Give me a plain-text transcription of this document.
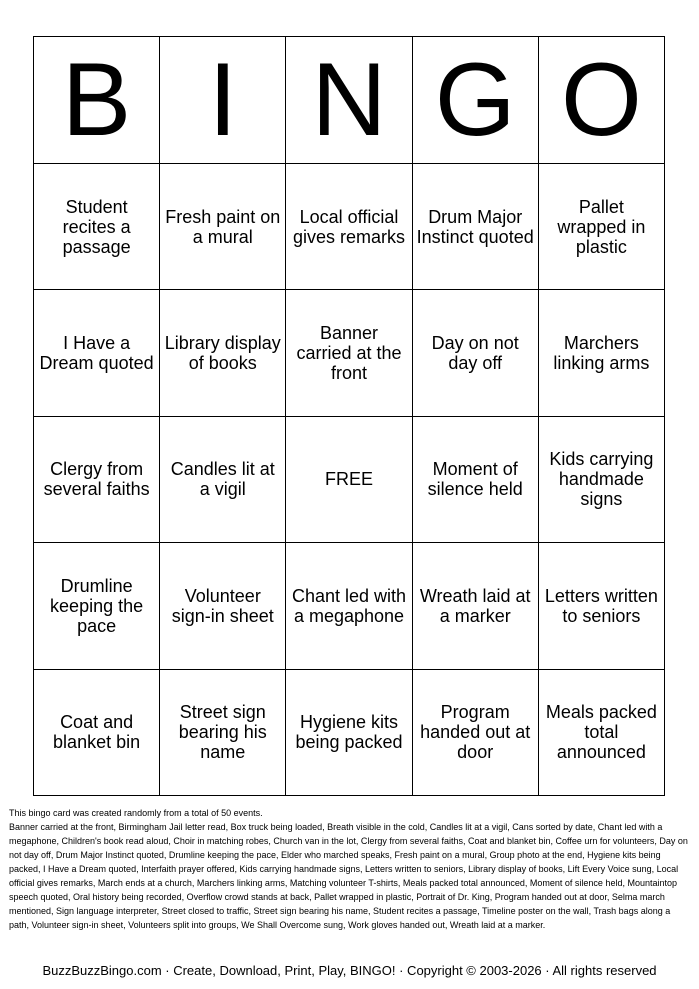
B I N G O
Student recites a passage
Fresh paint on a mural
Local official gives remarks
Drum Major Instinct quoted
Pallet wrapped in plastic
I Have a Dream quoted
Library display of books
Banner carried at the front
Day on not day off
Marchers linking arms
Clergy from several faiths
Candles lit at a vigil	FREE	Moment of silence held
Kids carrying handmade signs
Drumline keeping the pace
Volunteer sign-in sheet
Chant led with a megaphone
Wreath laid at a marker
Letters written to seniors
Coat and blanket bin
Street sign bearing his name
Hygiene kits being packed
Program handed out at door
Meals packed total announced

This bingo card was created randomly from a total of 50 events.

Banner carried at the front, Birmingham Jail letter read, Box truck being loaded, Breath visible in the cold, Candles lit at a vigil, Cans sorted by date, Chant led with a megaphone, Children's book read aloud, Choir in matching robes, Church van in the lot, Clergy from several faiths, Coat and blanket bin, Coffee urn for volunteers, Day on not day off, Drum Major Instinct quoted, Drumline keeping the pace, Elder who marched speaks, Fresh paint on a mural, Group photo at the end, Hygiene kits being packed, I Have a Dream quoted, Interfaith prayer offered, Kids carrying handmade signs, Letters written to seniors, Library display of books, Lift Every Voice sung, Local official gives remarks, March ends at a church, Marchers linking arms, Matching volunteer T-shirts, Meals packed total announced, Moment of silence held, Mountaintop speech quoted, Oral history being recorded, Overflow crowd stands at back, Pallet wrapped in plastic, Portrait of Dr. King, Program handed out at door, Selma march mentioned, Sign language interpreter, Street closed to traffic, Street sign bearing his name, Student recites a passage, Timeline poster on the wall, Trash bags along a path, Volunteer sign-in sheet, Volunteers split into groups, We Shall Overcome sung, Work gloves handed out, Wreath laid at a marker.

BuzzBuzzBingo.com · Create, Download, Print, Play, BINGO! · Copyright © 2003-2026 · All rights reserved
